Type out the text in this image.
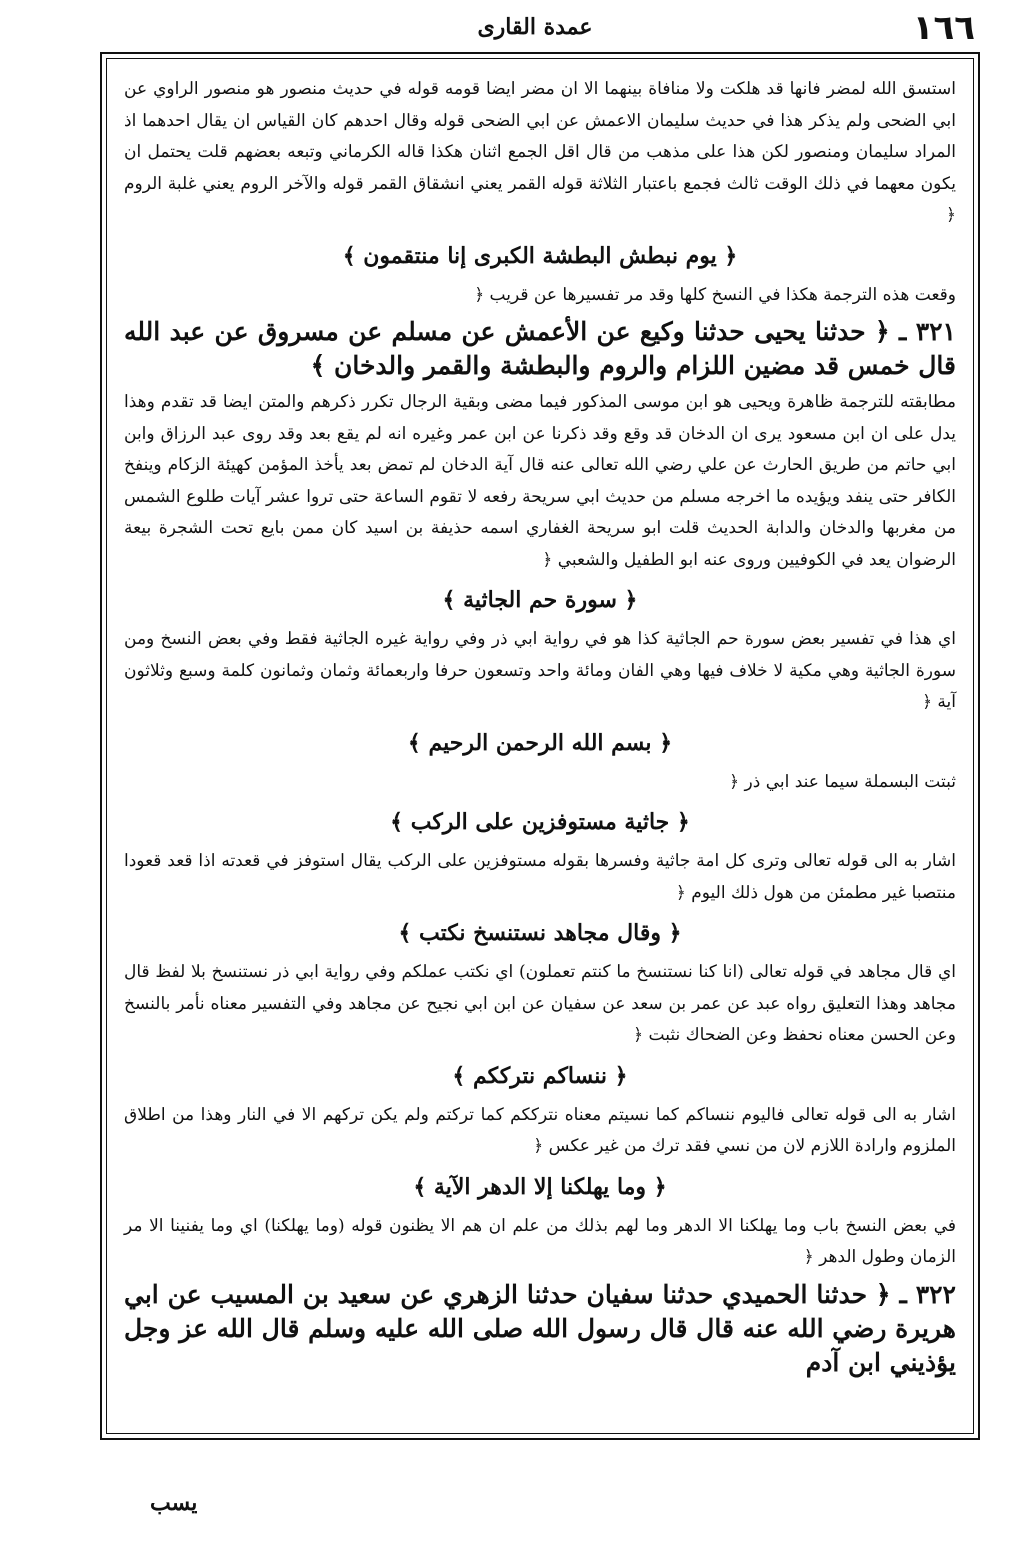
١٦٦
عمدة القاری

استسق الله لمضر فانها قد هلكت ولا منافاة بينهما الا ان مضر ايضا قومه قوله في حديث منصور هو منصور الراوي عن ابي الضحى ولم يذكر هذا في حديث سليمان الاعمش عن ابي الضحى قوله وقال احدهم كان القياس ان يقال احدهما اذ المراد سليمان ومنصور لكن هذا على مذهب من قال اقل الجمع اثنان هكذا قاله الكرماني وتبعه بعضهم قلت يحتمل ان يكون معهما في ذلك الوقت ثالث فجمع باعتبار الثلاثة قوله القمر يعني انشقاق القمر قوله والآخر الروم يعني غلبة الروم ﴿

﴿ يوم نبطش البطشة الكبرى إنا منتقمون ﴾

وقعت هذه الترجمة هكذا في النسخ كلها وقد مر تفسيرها عن قريب ﴿

٣٢١ ـ ﴿ حدثنا يحيى حدثنا وكيع عن الأعمش عن مسلم عن مسروق عن عبد الله قال خمس قد مضين اللزام والروم والبطشة والقمر والدخان ﴾

مطابقته للترجمة ظاهرة ويحيى هو ابن موسى المذكور فيما مضى وبقية الرجال تكرر ذكرهم والمتن ايضا قد تقدم وهذا يدل على ان ابن مسعود يرى ان الدخان قد وقع وقد ذكرنا عن ابن عمر وغيره انه لم يقع بعد وقد روى عبد الرزاق وابن ابي حاتم من طريق الحارث عن علي رضي الله تعالى عنه قال آية الدخان لم تمض بعد يأخذ المؤمن كهيئة الزكام وينفخ الكافر حتى ينفد ويؤيده ما اخرجه مسلم من حديث ابي سريحة رفعه لا تقوم الساعة حتى تروا عشر آيات طلوع الشمس من مغربها والدخان والدابة الحديث قلت ابو سريحة الغفاري اسمه حذيفة بن اسيد كان ممن بايع تحت الشجرة بيعة الرضوان يعد في الكوفيين وروى عنه ابو الطفيل والشعبي ﴿

﴿ سورة حم الجاثية ﴾

اي هذا في تفسير بعض سورة حم الجاثية كذا هو في رواية ابي ذر وفي رواية غيره الجاثية فقط وفي بعض النسخ ومن سورة الجاثية وهي مكية لا خلاف فيها وهي الفان ومائة واحد وتسعون حرفا واربعمائة وثمان وثمانون كلمة وسبع وثلاثون آية ﴿

﴿ بسم الله الرحمن الرحيم ﴾

ثبتت البسملة سيما عند ابي ذر ﴿

﴿ جاثية مستوفزين على الركب ﴾

اشار به الى قوله تعالى وترى كل امة جاثية وفسرها بقوله مستوفزين على الركب يقال استوفز في قعدته اذا قعد قعودا منتصبا غير مطمئن من هول ذلك اليوم ﴿

﴿ وقال مجاهد نستنسخ نكتب ﴾

اي قال مجاهد في قوله تعالى (انا كنا نستنسخ ما كنتم تعملون) اي نكتب عملكم وفي رواية ابي ذر نستنسخ بلا لفظ قال مجاهد وهذا التعليق رواه عبد عن عمر بن سعد عن سفيان عن ابن ابي نجيح عن مجاهد وفي التفسير معناه نأمر بالنسخ وعن الحسن معناه نحفظ وعن الضحاك نثبت ﴿

﴿ ننساكم نترككم ﴾

اشار به الى قوله تعالى فاليوم ننساكم كما نسيتم معناه نترككم كما تركتم ولم يكن تركهم الا في النار وهذا من اطلاق الملزوم وارادة اللازم لان من نسي فقد ترك من غير عكس ﴿

﴿ وما يهلكنا إلا الدهر الآية ﴾

في بعض النسخ باب وما يهلكنا الا الدهر وما لهم بذلك من علم ان هم الا يظنون قوله (وما يهلكنا) اي وما يفنينا الا مر الزمان وطول الدهر ﴿

٣٢٢ ـ ﴿ حدثنا الحميدي حدثنا سفيان حدثنا الزهري عن سعيد بن المسيب عن ابي هريرة رضي الله عنه قال قال رسول الله صلى الله عليه وسلم قال الله عز وجل يؤذيني ابن آدم
يسب
